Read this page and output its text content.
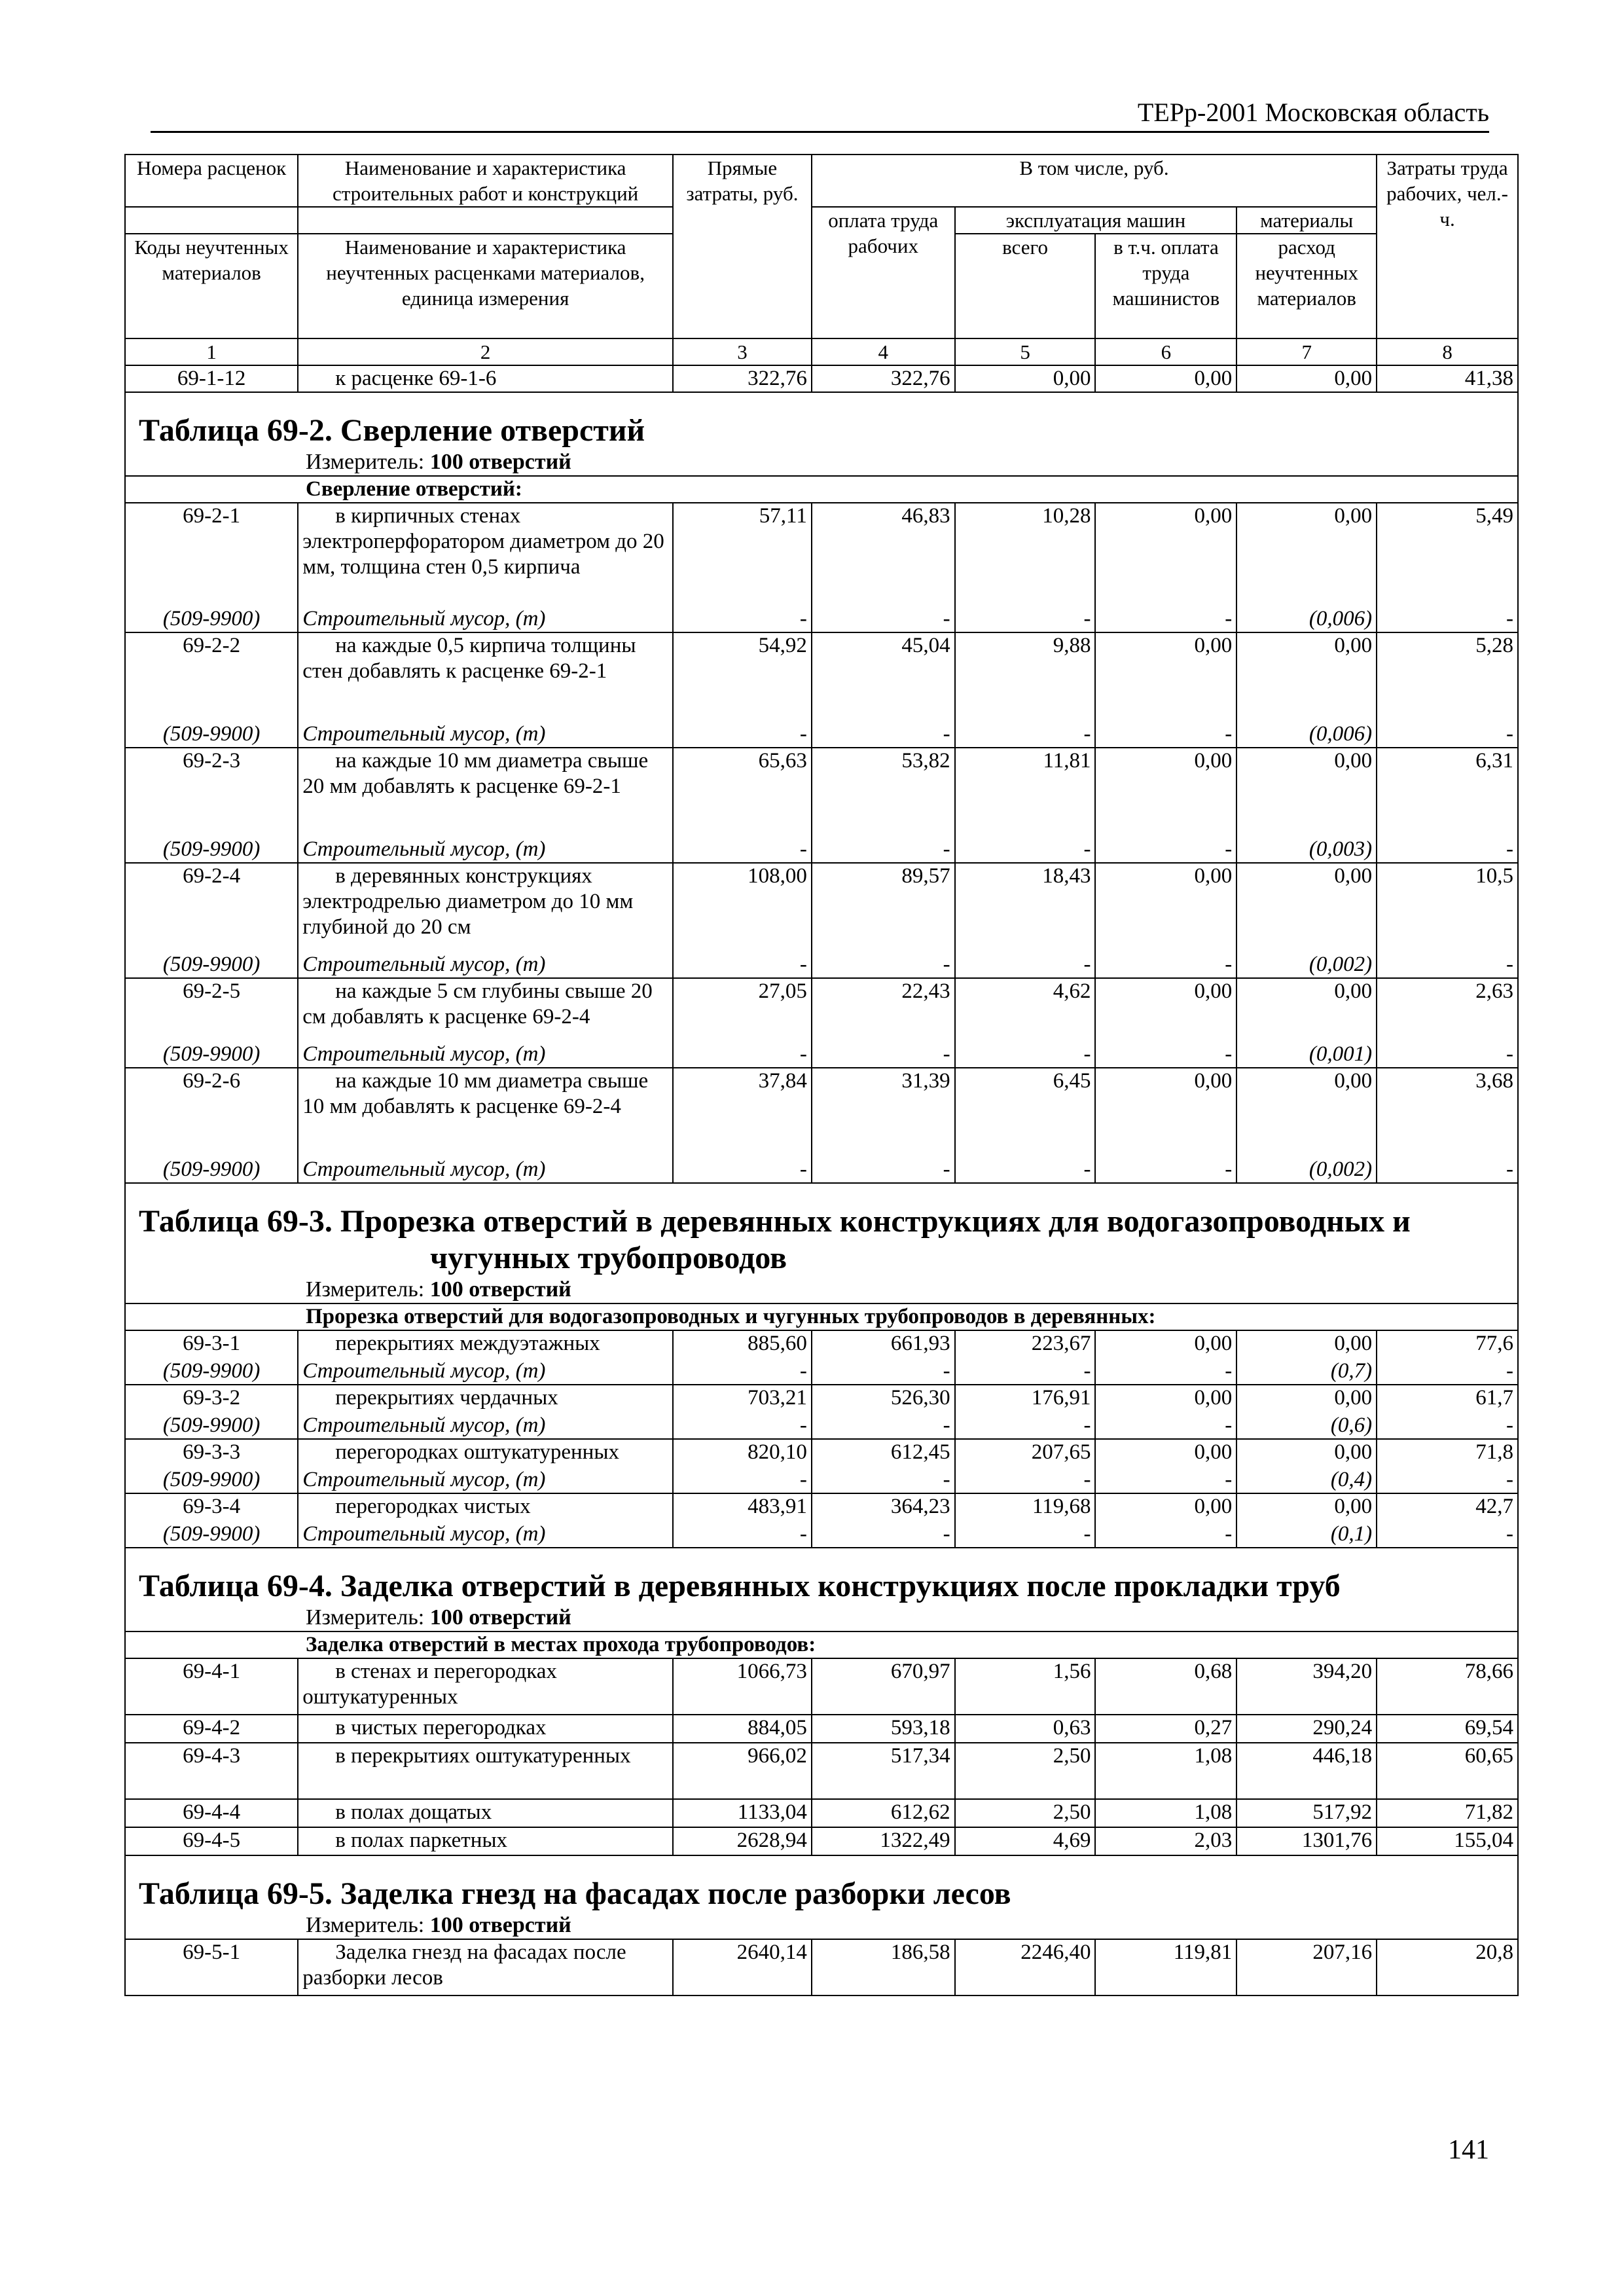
ТЕРр-2001 Московская область
Номера расценок	Наименование и характеристика строительных работ и конструкций	Прямые затраты, руб.	В том числе, руб.				Затраты труда рабочих, чел.-ч.
			оплата труда рабочих	эксплуатация машин		материалы	
Коды неучтенных материалов	Наименование и характеристика неучтенных расценками материалов, единица измерения			всего	в т.ч. оплата труда машинистов	расход неучтенных материалов	
1	2	3	4	5	6	7	8
69-1-12	к расценке 69-1-6	322,76	322,76	0,00	0,00	0,00	41,38

Таблица 69-2. Сверление отверстий							

Измеритель: 100 отверстий							
Сверление отверстий:							
69-2-1	в кирпичных стенах электроперфоратором диаметром до 20 мм, толщина стен 0,5 кирпича	57,11	46,83	10,28	0,00	0,00	5,49
(509-9900)	Строительный мусор, (т)	-	-	-	-	(0,006)	-
69-2-2	на каждые 0,5 кирпича толщины стен добавлять к расценке 69-2-1	54,92	45,04	9,88	0,00	0,00	5,28
(509-9900)	Строительный мусор, (т)	-	-	-	-	(0,006)	-
69-2-3	на каждые 10 мм диаметра свыше 20 мм добавлять к расценке 69-2-1	65,63	53,82	11,81	0,00	0,00	6,31
(509-9900)	Строительный мусор, (т)	-	-	-	-	(0,003)	-
69-2-4	в деревянных конструкциях электродрелью диаметром до 10 мм глубиной до 20 см	108,00	89,57	18,43	0,00	0,00	10,5
(509-9900)	Строительный мусор, (т)	-	-	-	-	(0,002)	-
69-2-5	на каждые 5 см глубины свыше 20 см добавлять к расценке 69-2-4	27,05	22,43	4,62	0,00	0,00	2,63
(509-9900)	Строительный мусор, (т)	-	-	-	-	(0,001)	-
69-2-6	на каждые 10 мм диаметра свыше 10 мм добавлять к расценке 69-2-4	37,84	31,39	6,45	0,00	0,00	3,68
(509-9900)	Строительный мусор, (т)	-	-	-	-	(0,002)	-

Таблица 69-3. Прорезка отверстий в деревянных конструкциях для водогазопроводных и
чугунных трубопроводов							

Измеритель: 100 отверстий							
Прорезка отверстий для водогазопроводных и чугунных трубопроводов в деревянных:							
69-3-1	перекрытиях междуэтажных	885,60	661,93	223,67	0,00	0,00	77,6
(509-9900)	Строительный мусор, (т)	-	-	-	-	(0,7)	-
69-3-2	перекрытиях чердачных	703,21	526,30	176,91	0,00	0,00	61,7
(509-9900)	Строительный мусор, (т)	-	-	-	-	(0,6)	-
69-3-3	перегородках оштукатуренных	820,10	612,45	207,65	0,00	0,00	71,8
(509-9900)	Строительный мусор, (т)	-	-	-	-	(0,4)	-
69-3-4	перегородках чистых	483,91	364,23	119,68	0,00	0,00	42,7
(509-9900)	Строительный мусор, (т)	-	-	-	-	(0,1)	-

Таблица 69-4. Заделка отверстий в деревянных конструкциях после прокладки труб							

Измеритель: 100 отверстий							
Заделка отверстий в местах прохода трубопроводов:							
69-4-1	в стенах и перегородках оштукатуренных	1066,73	670,97	1,56	0,68	394,20	78,66
69-4-2	в чистых перегородках	884,05	593,18	0,63	0,27	290,24	69,54
69-4-3	в перекрытиях оштукатуренных	966,02	517,34	2,50	1,08	446,18	60,65
69-4-4	в полах дощатых	1133,04	612,62	2,50	1,08	517,92	71,82
69-4-5	в полах паркетных	2628,94	1322,49	4,69	2,03	1301,76	155,04

Таблица 69-5. Заделка гнезд на фасадах после разборки лесов							

Измеритель: 100 отверстий							
69-5-1	Заделка гнезд на фасадах после разборки лесов	2640,14	186,58	2246,40	119,81	207,16	20,8
141
